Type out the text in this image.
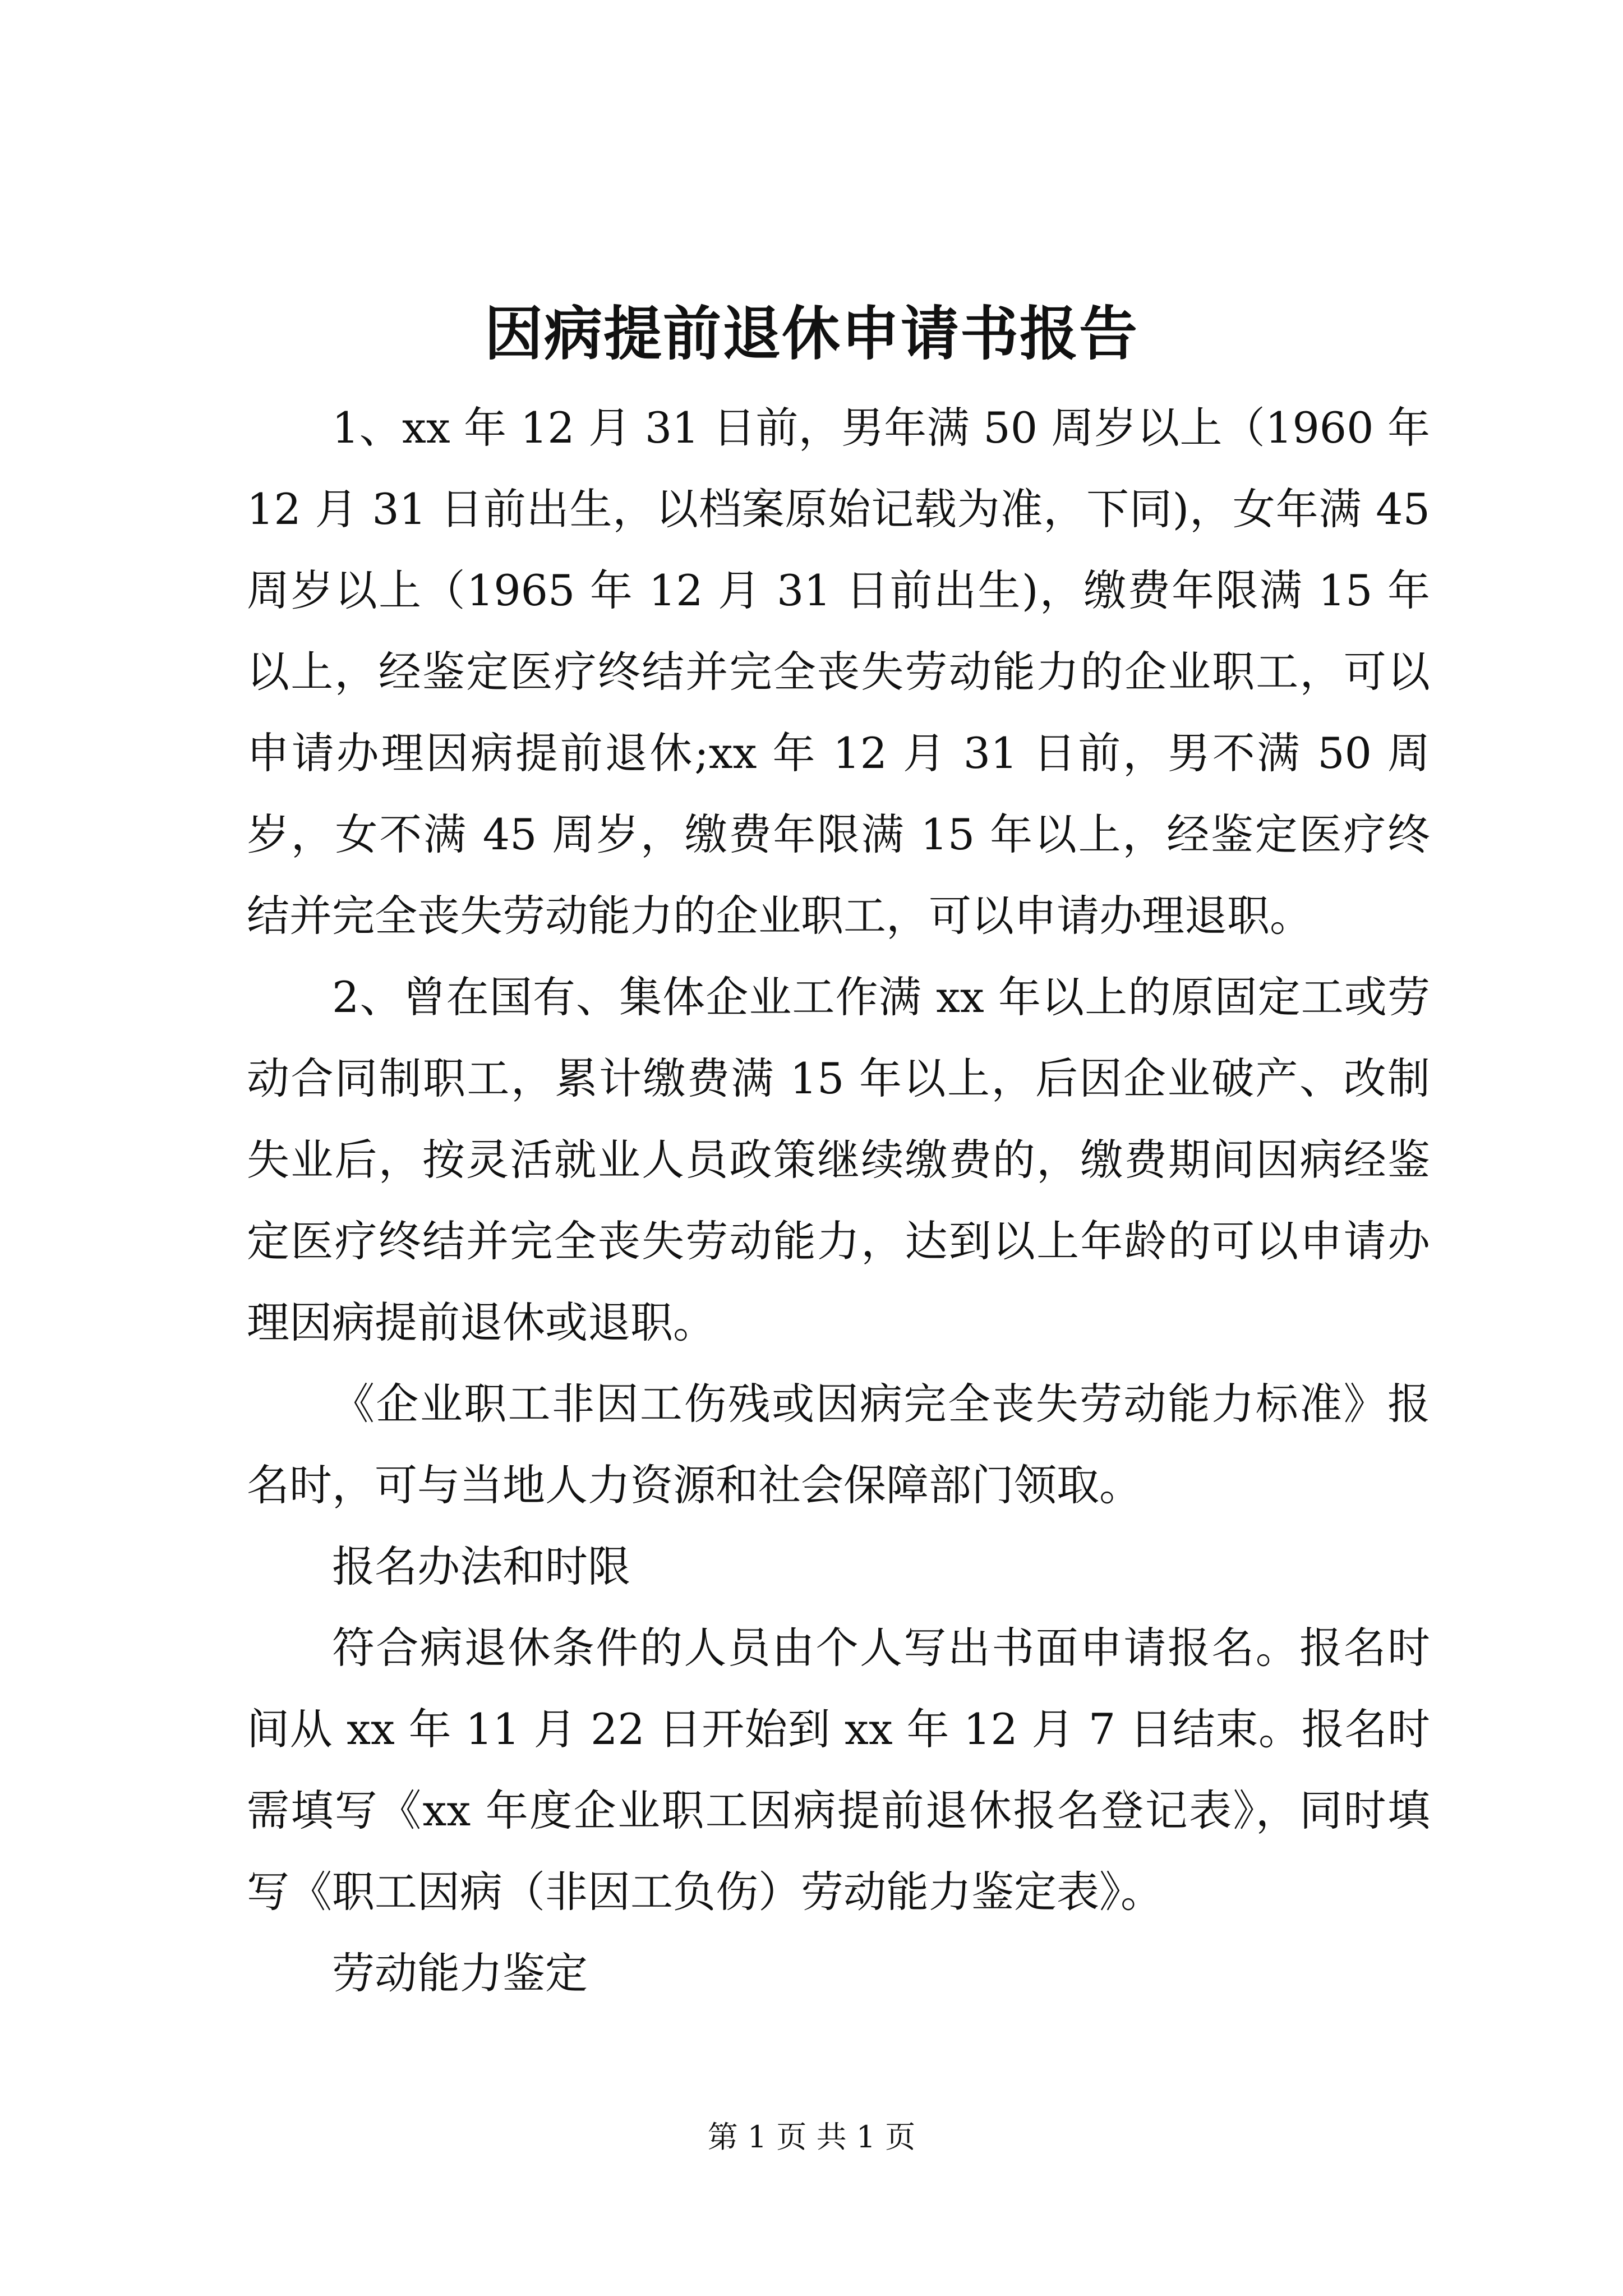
因病提前退休申请书报告

1、xx 年 12 月 31 日前，男年满 50 周岁以上（1960 年 12 月 31 日前出生，以档案原始记载为准，下同)，女年满 45 周岁以上（1965 年 12 月 31 日前出生)，缴费年限满 15 年以上，经鉴定医疗终结并完全丧失劳动能力的企业职工，可以申请办理因病提前退休;xx 年 12 月 31 日前，男不满 50 周岁，女不满 45 周岁，缴费年限满 15 年以上，经鉴定医疗终结并完全丧失劳动能力的企业职工，可以申请办理退职。

2、曾在国有、集体企业工作满 xx 年以上的原固定工或劳动合同制职工，累计缴费满 15 年以上，后因企业破产、改制失业后，按灵活就业人员政策继续缴费的，缴费期间因病经鉴定医疗终结并完全丧失劳动能力，达到以上年龄的可以申请办理因病提前退休或退职。

《企业职工非因工伤残或因病完全丧失劳动能力标准》报名时，可与当地人力资源和社会保障部门领取。

报名办法和时限

符合病退休条件的人员由个人写出书面申请报名。报名时间从 xx 年 11 月 22 日开始到 xx 年 12 月 7 日结束。报名时需填写《xx 年度企业职工因病提前退休报名登记表》，同时填写《职工因病（非因工负伤）劳动能力鉴定表》。

劳动能力鉴定

第 1 页 共 1 页
